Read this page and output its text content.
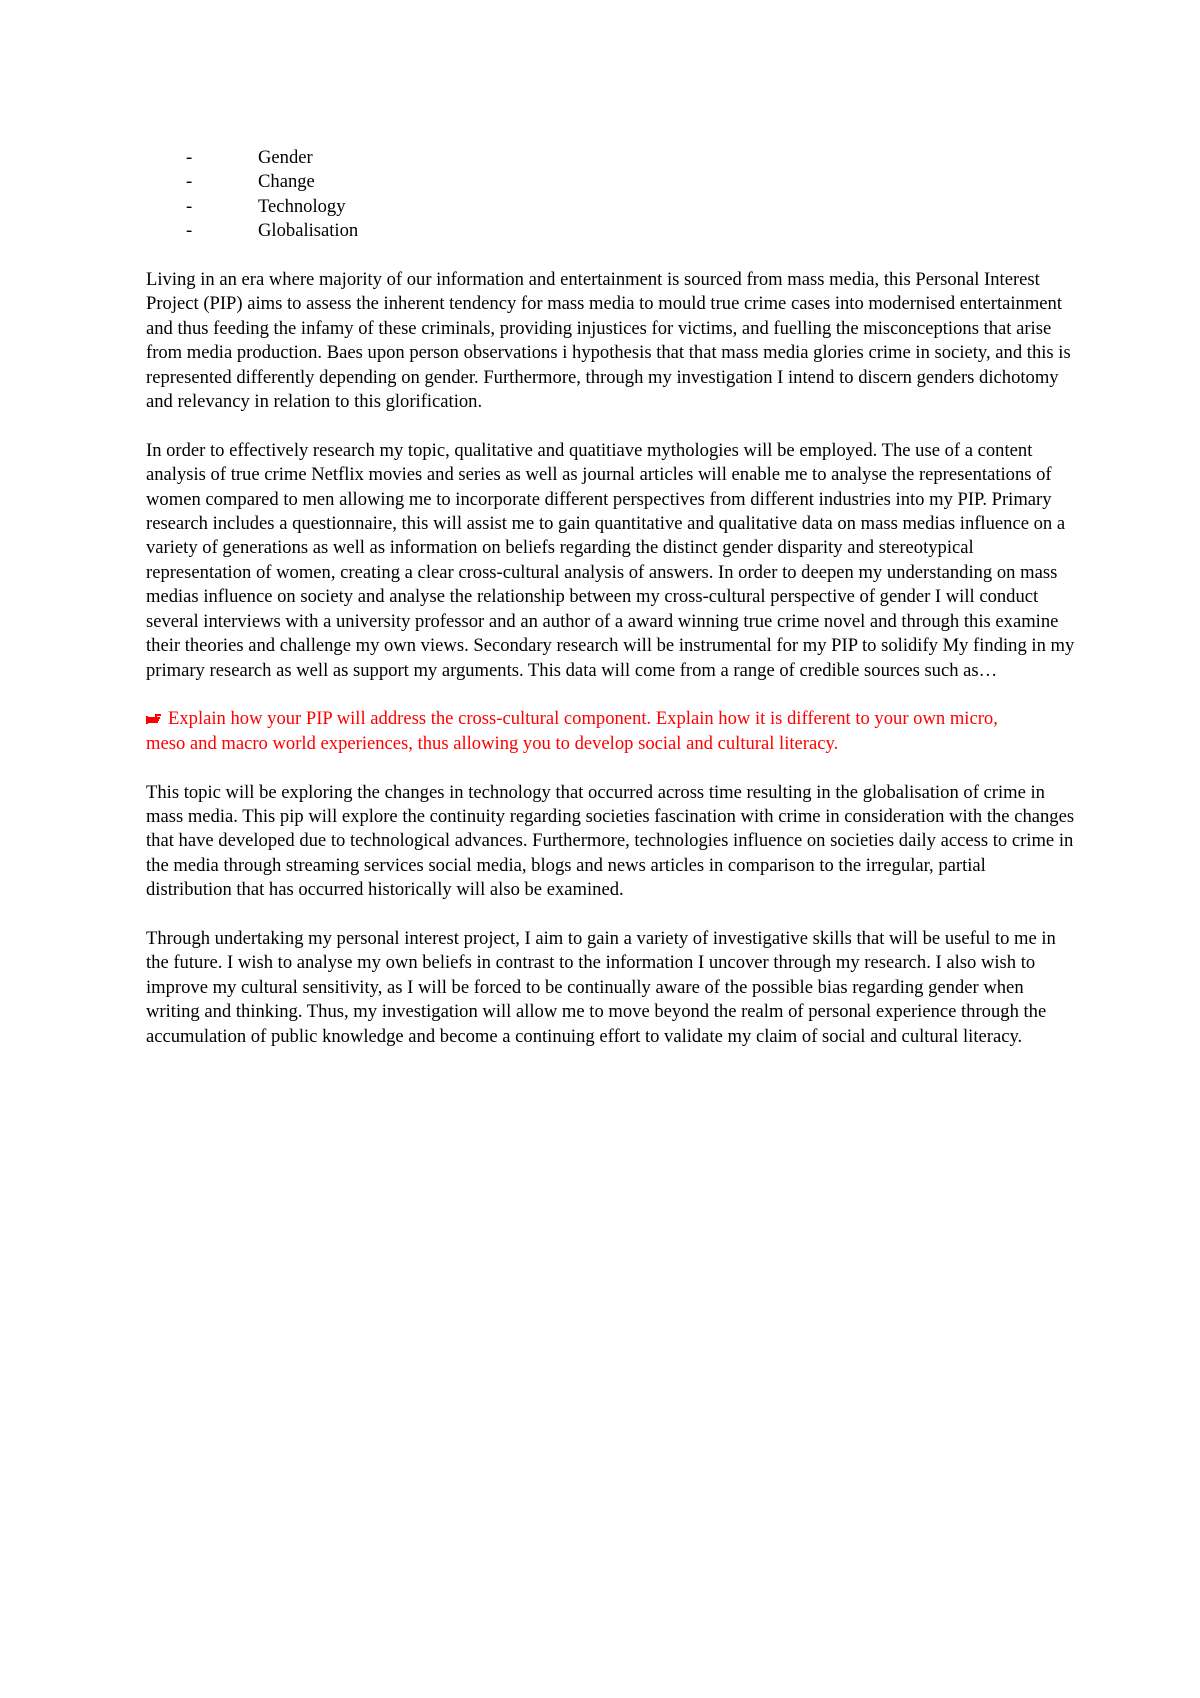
-	Gender
-	Change
-	Technology
-	Globalisation

Living in an era where majority of our information and entertainment is sourced from mass media, this Personal Interest Project (PIP) aims to assess the inherent tendency for mass media to mould true crime cases into modernised entertainment and thus feeding the infamy of these criminals, providing injustices for victims, and fuelling the misconceptions that arise from media production. Baes upon person observations i hypothesis that that mass media glories crime in society, and this is represented differently depending on gender. Furthermore, through my investigation I intend to discern genders dichotomy and relevancy in relation to this glorification.

In order to effectively research my topic, qualitative and quatitiave mythologies will be employed. The use of a content analysis of true crime Netflix movies and series as well as journal articles will enable me to analyse the representations of women compared to men allowing me to incorporate different perspectives from different industries into my PIP. Primary research includes a questionnaire, this will assist me to gain quantitative and qualitative data on mass medias influence on a variety of generations as well as information on beliefs regarding the distinct gender disparity and stereotypical representation of women, creating a clear cross-cultural analysis of answers. In order to deepen my understanding on mass medias influence on society and analyse the relationship between my cross-cultural perspective of gender I will conduct several interviews with a university professor and an author of a award winning true crime novel and through this examine their theories and challenge my own views. Secondary research will be instrumental for my PIP to solidify My finding in my primary research as well as support my arguments. This data will come from a range of credible sources such as…

Explain how your PIP will address the cross-cultural component. Explain how it is different to your own micro, meso and macro world experiences, thus allowing you to develop social and cultural literacy.

This topic will be exploring the changes in technology that occurred across time resulting in the globalisation of crime in mass media. This pip will explore the continuity regarding societies fascination with crime in consideration with the changes that have developed due to technological advances. Furthermore, technologies influence on societies daily access to crime in the media through streaming services social media, blogs and news articles in comparison to the irregular, partial distribution that has occurred historically will also be examined.

Through undertaking my personal interest project, I aim to gain a variety of investigative skills that will be useful to me in the future. I wish to analyse my own beliefs in contrast to the information I uncover through my research. I also wish to improve my cultural sensitivity, as I will be forced to be continually aware of the possible bias regarding gender when writing and thinking. Thus, my investigation will allow me to move beyond the realm of personal experience through the accumulation of public knowledge and become a continuing effort to validate my claim of social and cultural literacy.
